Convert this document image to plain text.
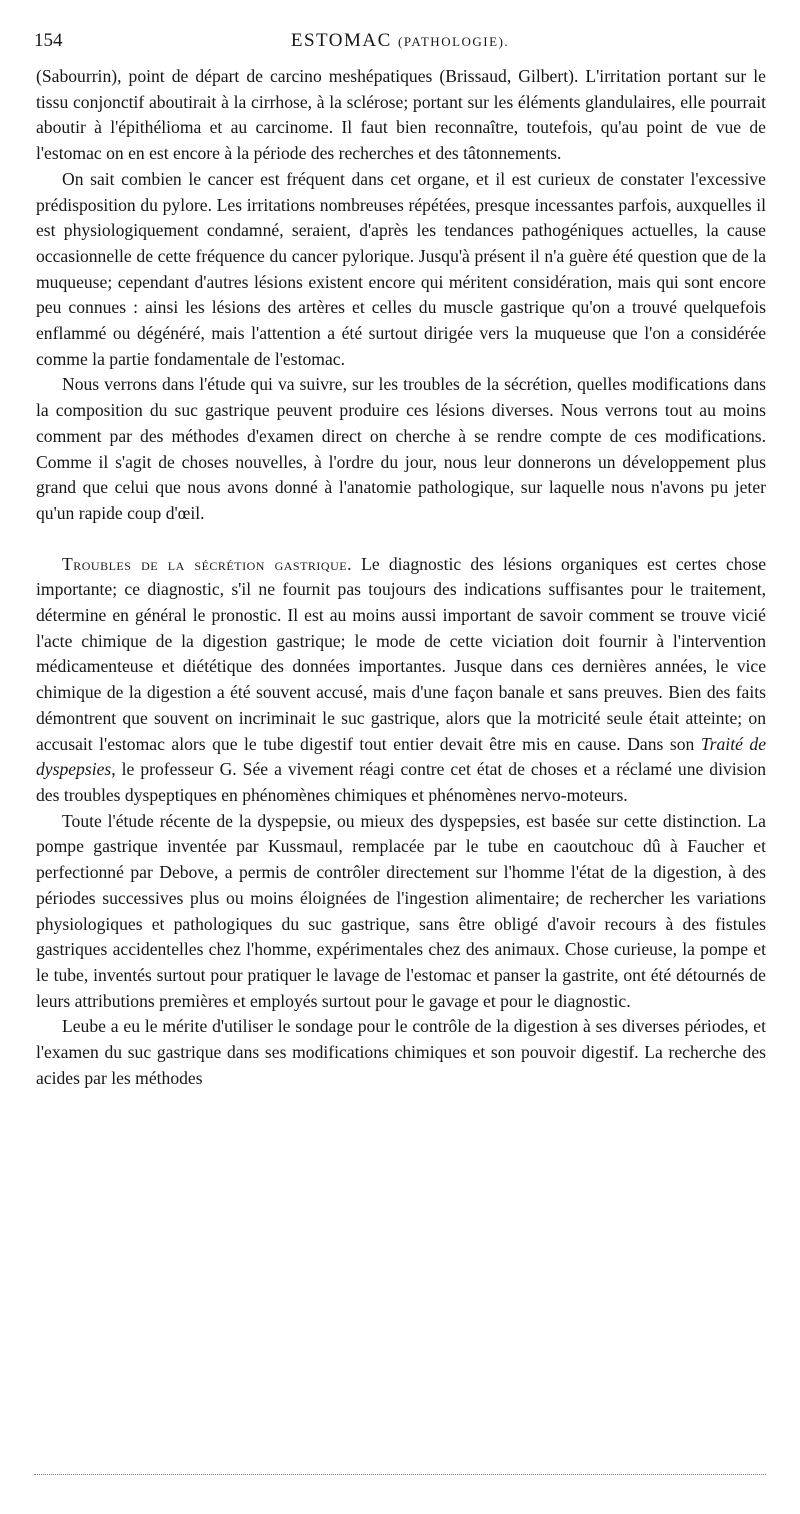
154	ESTOMAC (PATHOLOGIE).

(Sabourrin), point de départ de carcino meshépatiques (Brissaud, Gilbert). L'irritation portant sur le tissu conjonctif aboutirait à la cirrhose, à la sclérose; portant sur les éléments glandulaires, elle pourrait aboutir à l'épithélioma et au carcinome. Il faut bien reconnaître, toutefois, qu'au point de vue de l'estomac on en est encore à la période des recherches et des tâtonnements.

On sait combien le cancer est fréquent dans cet organe, et il est curieux de constater l'excessive prédisposition du pylore. Les irritations nombreuses répétées, presque incessantes parfois, auxquelles il est physiologiquement condamné, seraient, d'après les tendances pathogéniques actuelles, la cause occasionnelle de cette fréquence du cancer pylorique. Jusqu'à présent il n'a guère été question que de la muqueuse; cependant d'autres lésions existent encore qui méritent considération, mais qui sont encore peu connues : ainsi les lésions des artères et celles du muscle gastrique qu'on a trouvé quelquefois enflammé ou dégénéré, mais l'attention a été surtout dirigée vers la muqueuse que l'on a considérée comme la partie fondamentale de l'estomac.

Nous verrons dans l'étude qui va suivre, sur les troubles de la sécrétion, quelles modifications dans la composition du suc gastrique peuvent produire ces lésions diverses. Nous verrons tout au moins comment par des méthodes d'examen direct on cherche à se rendre compte de ces modifications. Comme il s'agit de choses nouvelles, à l'ordre du jour, nous leur donnerons un développement plus grand que celui que nous avons donné à l'anatomie pathologique, sur laquelle nous n'avons pu jeter qu'un rapide coup d'œil.

Troubles de la sécrétion gastrique. Le diagnostic des lésions organiques est certes chose importante; ce diagnostic, s'il ne fournit pas toujours des indications suffisantes pour le traitement, détermine en général le pronostic. Il est au moins aussi important de savoir comment se trouve vicié l'acte chimique de la digestion gastrique; le mode de cette viciation doit fournir à l'intervention médicamenteuse et diététique des données importantes. Jusque dans ces dernières années, le vice chimique de la digestion a été souvent accusé, mais d'une façon banale et sans preuves. Bien des faits démontrent que souvent on incriminait le suc gastrique, alors que la motricité seule était atteinte; on accusait l'estomac alors que le tube digestif tout entier devait être mis en cause. Dans son Traité de dyspepsies, le professeur G. Sée a vivement réagi contre cet état de choses et a réclamé une division des troubles dyspeptiques en phénomènes chimiques et phénomènes nervo-moteurs.

Toute l'étude récente de la dyspepsie, ou mieux des dyspepsies, est basée sur cette distinction. La pompe gastrique inventée par Kussmaul, remplacée par le tube en caoutchouc dû à Faucher et perfectionné par Debove, a permis de contrôler directement sur l'homme l'état de la digestion, à des périodes successives plus ou moins éloignées de l'ingestion alimentaire; de rechercher les variations physiologiques et pathologiques du suc gastrique, sans être obligé d'avoir recours à des fistules gastriques accidentelles chez l'homme, expérimentales chez des animaux. Chose curieuse, la pompe et le tube, inventés surtout pour pratiquer le lavage de l'estomac et panser la gastrite, ont été détournés de leurs attributions premières et employés surtout pour le gavage et pour le diagnostic.

Leube a eu le mérite d'utiliser le sondage pour le contrôle de la digestion à ses diverses périodes, et l'examen du suc gastrique dans ses modifications chimiques et son pouvoir digestif. La recherche des acides par les méthodes
